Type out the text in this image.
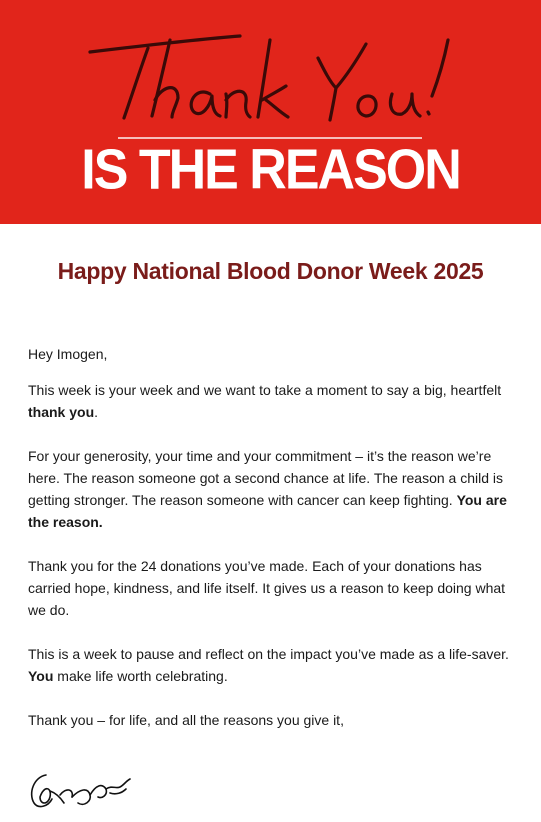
IS THE REASON
Happy National Blood Donor Week 2025

Hey Imogen,

This week is your week and we want to take a moment to say a big, heartfelt thank you.

For your generosity, your time and your commitment – it’s the reason we’re here. The reason someone got a second chance at life. The reason a child is getting stronger. The reason someone with cancer can keep fighting. You are the reason.

Thank you for the 24 donations you’ve made. Each of your donations has carried hope, kindness, and life itself. It gives us a reason to keep doing what we do.

This is a week to pause and reflect on the impact you’ve made as a life-saver. You make life worth celebrating.

Thank you – for life, and all the reasons you give it,
